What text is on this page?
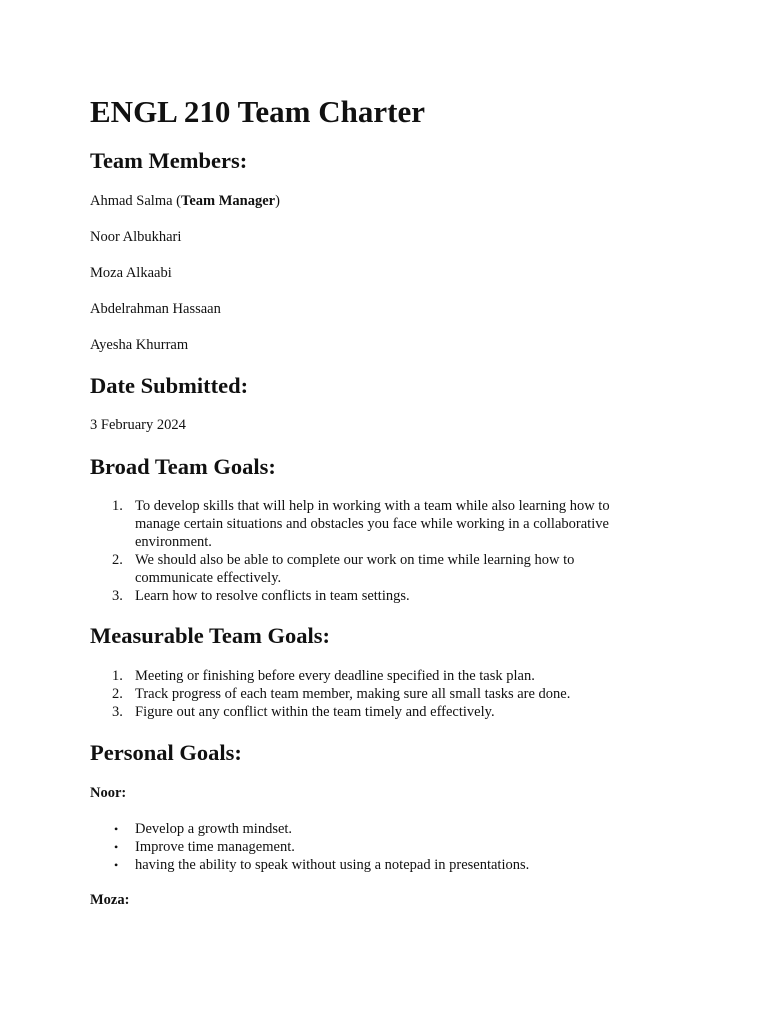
ENGL 210 Team Charter
Team Members:

Ahmad Salma (Team Manager)

Noor Albukhari

Moza Alkaabi

Abdelrahman Hassaan

Ayesha Khurram

Date Submitted:

3 February 2024

Broad Team Goals:
1. To develop skills that will help in working with a team while also learning how to
manage certain situations and obstacles you face while working in a collaborative
environment.
2. We should also be able to complete our work on time while learning how to
communicate effectively.
3. Learn how to resolve conflicts in team settings.
Measurable Team Goals:
1. Meeting or finishing before every deadline specified in the task plan.
2. Track progress of each team member, making sure all small tasks are done.
3. Figure out any conflict within the team timely and effectively.
Personal Goals:

Noor:

• Develop a growth mindset.
• Improve time management.
• having the ability to speak without using a notepad in presentations.

Moza:
